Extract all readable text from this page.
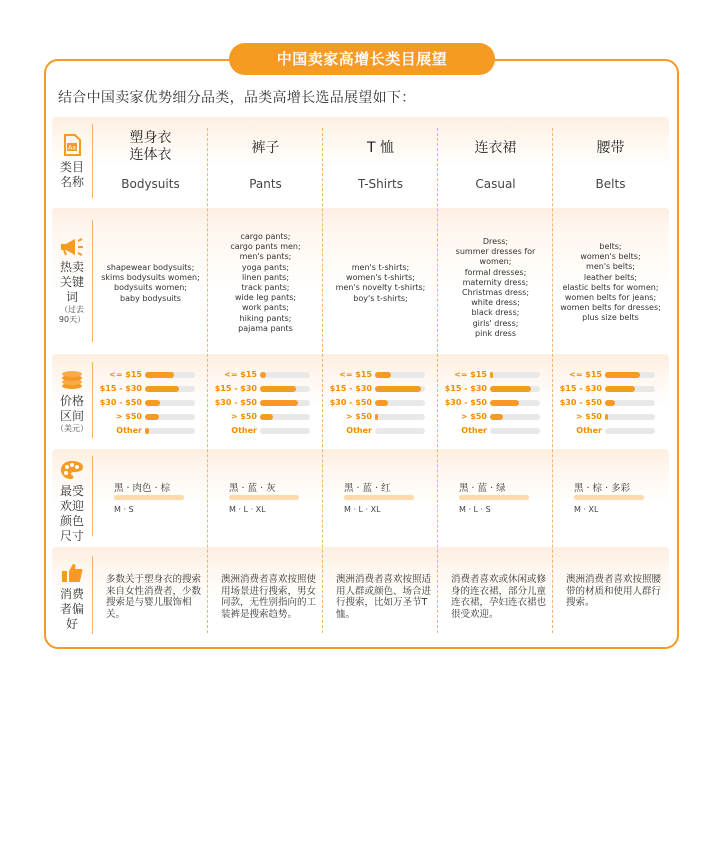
中国卖家高增长类目展望
结合中国卖家优势细分品类，品类高增长选品展望如下：
Aa
类目
名称
热卖
关键
词
（过去
90天）
价格
区间
（美元）
最受
欢迎
颜色
尺寸
消费
者偏
好
塑身衣
连体衣
Bodysuits
shapewear bodysuits;
skims bodysuits women;
bodysuits women;
baby bodysuits
<= $15
$15 - $30
$30 - $50
> $50
Other
黑 · 肉色 · 棕
M · S
多数关于塑身衣的搜索来自女性消费者，少数搜索是与婴儿服饰相关。
裤子
Pants
cargo pants;
cargo pants men;
men's pants;
yoga pants;
linen pants;
track pants;
wide leg pants;
work pants;
hiking pants;
pajama pants
<= $15
$15 - $30
$30 - $50
> $50
Other
黑 · 蓝 · 灰
M · L · XL
澳洲消费者喜欢按照使用场景进行搜索，男女同款，无性别指向的工装裤是搜索趋势。
T 恤
T-Shirts
men's t-shirts;
women's t-shirts;
men's novelty t-shirts;
boy's t-shirts;
<= $15
$15 - $30
$30 - $50
> $50
Other
黑 · 蓝 · 红
M · L · XL
澳洲消费者喜欢按照适用人群或颜色、场合进行搜索，比如万圣节T恤。
连衣裙
Casual
Dress;
summer dresses for women;
formal dresses;
maternity dress;
Christmas dress;
white dress;
black dress;
girls' dress;
pink dress
<= $15
$15 - $30
$30 - $50
> $50
Other
黑 · 蓝 · 绿
M · L · S
消费者喜欢或休闲或修身的连衣裙，部分儿童连衣裙，孕妇连衣裙也很受欢迎。
腰带
Belts
belts;
women's belts;
men's belts;
leather belts;
elastic belts for women;
women belts for jeans;
women belts for dresses;
plus size belts
<= $15
$15 - $30
$30 - $50
> $50
Other
黑 · 棕 · 多彩
M · XL
澳洲消费者喜欢按照腰带的材质和使用人群行搜索。
